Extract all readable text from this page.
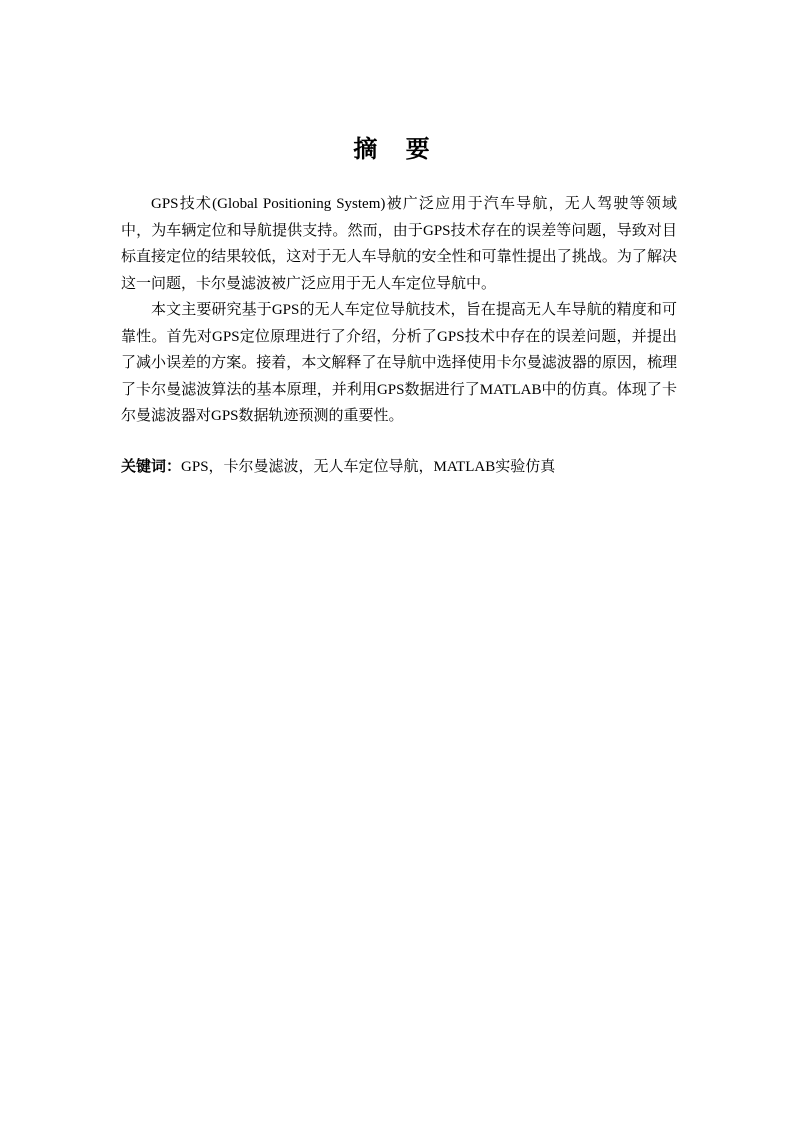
摘 要

GPS技术(Global Positioning System)被广泛应用于汽车导航，无人驾驶等领域中，为车辆定位和导航提供支持。然而，由于GPS技术存在的误差等问题，导致对目标直接定位的结果较低，这对于无人车导航的安全性和可靠性提出了挑战。为了解决这一问题，卡尔曼滤波被广泛应用于无人车定位导航中。

本文主要研究基于GPS的无人车定位导航技术，旨在提高无人车导航的精度和可靠性。首先对GPS定位原理进行了介绍，分析了GPS技术中存在的误差问题，并提出了减小误差的方案。接着，本文解释了在导航中选择使用卡尔曼滤波器的原因，梳理了卡尔曼滤波算法的基本原理，并利用GPS数据进行了MATLAB中的仿真。体现了卡尔曼滤波器对GPS数据轨迹预测的重要性。

关键词：GPS，卡尔曼滤波，无人车定位导航，MATLAB实验仿真
